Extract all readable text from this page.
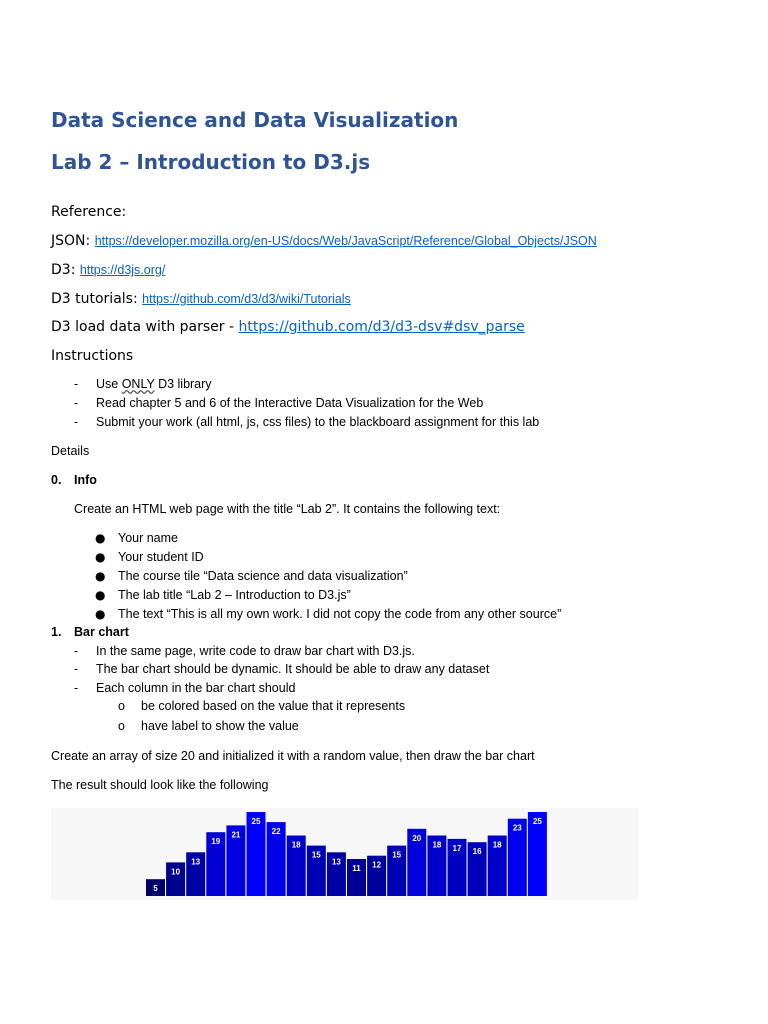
Data Science and Data Visualization
Lab 2 – Introduction to D3.js

Reference:

JSON: https://developer.mozilla.org/en-US/docs/Web/JavaScript/Reference/Global_Objects/JSON

D3: https://d3js.org/

D3 tutorials: https://github.com/d3/d3/wiki/Tutorials

D3 load data with parser - https://github.com/d3/d3-dsv#dsv_parse

Instructions

- Use ONLY D3 library
- Read chapter 5 and 6 of the Interactive Data Visualization for the Web
- Submit your work (all html, js, css files) to the blackboard assignment for this lab
Details
0. Info
Create an HTML web page with the title “Lab 2”. It contains the following text:
● Your name
● Your student ID
● The course tile “Data science and data visualization”
● The lab title “Lab 2 – Introduction to D3.js”
● The text “This is all my own work. I did not copy the code from any other source”
1. Bar chart
- In the same page, write code to draw bar chart with D3.js.
- The bar chart should be dynamic. It should be able to draw any dataset
- Each column in the bar chart should
o be colored based on the value that it represents
o have label to show the value
Create an array of size 20 and initialized it with a random value, then draw the bar chart
The result should look like the following
5
10
13
19
21
25
22
18
15
13
11 12
15
20
18 17 16
18
23
25
